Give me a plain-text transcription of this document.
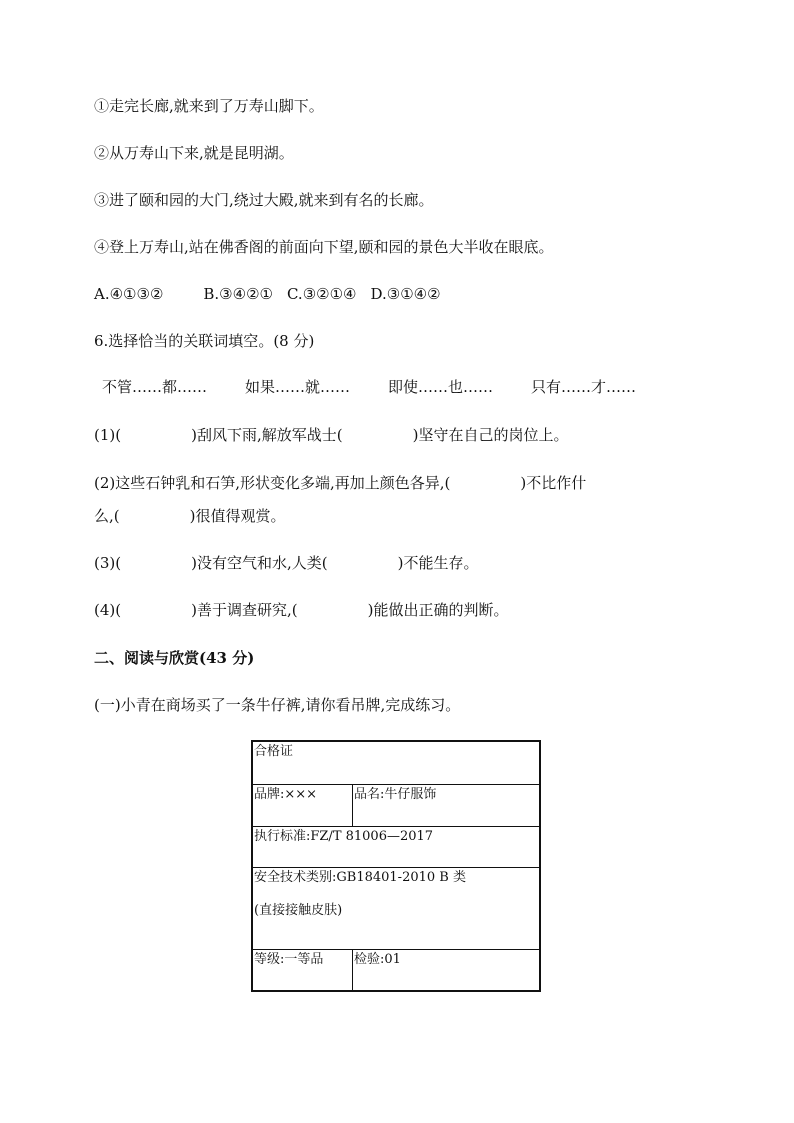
①走完长廊,就来到了万寿山脚下。
②从万寿山下来,就是昆明湖。
③进了颐和园的大门,绕过大殿,就来到有名的长廊。
④登上万寿山,站在佛香阁的前面向下望,颐和园的景色大半收在眼底。
A.④①③②	B.③④②① C.③②①④ D.③①④②
6.选择恰当的关联词填空。(8 分)
不管……都……	如果……就……	即使……也……	只有……才……
(1)(	)刮风下雨,解放军战士(	)坚守在自己的岗位上。
(2)这些石钟乳和石笋,形状变化多端,再加上颜色各异,(	)不比作什
么,(	)很值得观赏。
(3)(	)没有空气和水,人类(	)不能生存。
(4)(	)善于调查研究,(	)能做出正确的判断。
二、阅读与欣赏(43 分)
(一)小青在商场买了一条牛仔裤,请你看吊牌,完成练习。
合格证
品牌:×××	品名:牛仔服饰
执行标准:FZ/T 81006—2017
安全技术类别:GB18401-2010 B 类
(直接接触皮肤)
等级:一等品	检验:01
